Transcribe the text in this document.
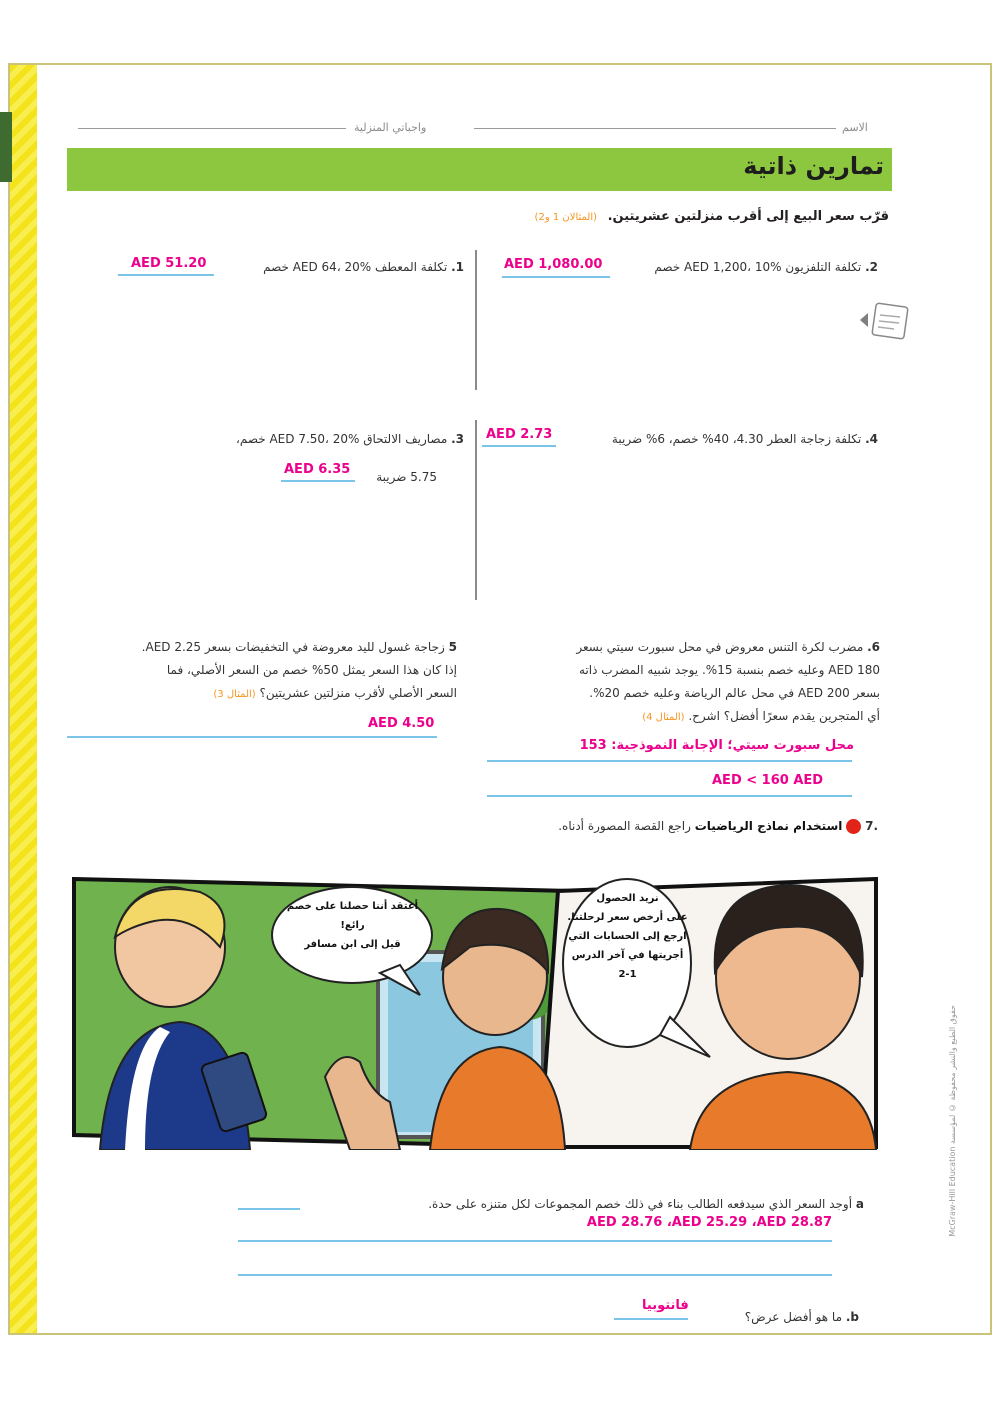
واجباتي المنزلية	الاسم
تمارين ذاتية
قرّب سعر البيع إلى أقرب منزلتين عشريتين. (المثالان 1 و2)
2. تكلفة التلفزيون AED 1,200، 10% خصم
AED 1,080.00
1. تكلفة المعطف AED 64، 20% خصم
AED 51.20
4. تكلفة زجاجة العطر 4.30، 40% خصم، 6% ضريبة
AED 2.73
3. مصاريف الالتحاق AED 7.50، 20% خصم،
5.75 ضريبة
AED 6.35
6. مضرب لكرة التنس معروض في محل سبورت سيتي بسعر
AED 180 وعليه خصم بنسبة 15%. يوجد شبيه المضرب ذاته
بسعر AED 200 في محل عالم الرياضة وعليه خصم 20%.
أي المتجرين يقدم سعرًا أفضل؟ اشرح. (المثال 4)
محل سبورت سيتي؛ الإجابة النموذجية: 153
AED < 160 AED
5 زجاجة غسول لليد معروضة في التخفيضات بسعر AED 2.25.
إذا كان هذا السعر يمثل 50% خصم من السعر الأصلي، فما
السعر الأصلي لأقرب منزلتين عشريتين؟ (المثال 3)
AED 4.50
.7  استخدام نماذج الرياضيات راجع القصة المصورة أدناه.
أعتقد أننا حصلنا على خصم رائع!
قيل إلى ابن مسافر
نريد الحصول
على أرخص سعر لرحلتنا.
ارجع إلى الحسابات التي
أجريتها في آخر الدرس 1-2
a أوجد السعر الذي سيدفعه الطالب بناء في ذلك خصم المجموعات لكل متنزه على حدة.
AED 28.76 ،AED 25.29 ،AED 28.87
b. ما هو أفضل عرض؟
فانتوبيا
McGraw-Hill Education حقوق الطبع والنشر محفوظة © لمؤسسة
